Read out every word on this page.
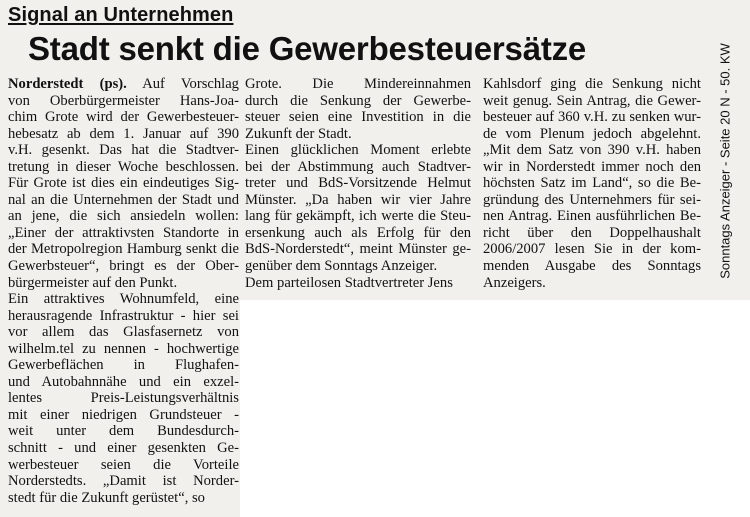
Signal an Unternehmen
Stadt senkt die Gewerbesteuersätze
Norderstedt (ps). Auf Vorschlag
von Oberbürgermeister Hans-Joa-
chim Grote wird der Gewerbesteuer-
hebesatz ab dem 1. Januar auf 390
v.H. gesenkt. Das hat die Stadtver-
tretung in dieser Woche beschlossen.
Für Grote ist dies ein eindeutiges Sig-
nal an die Unternehmen der Stadt und
an jene, die sich ansiedeln wollen:
„Einer der attraktivsten Standorte in
der Metropolregion Hamburg senkt die
Gewerbsteuer“, bringt es der Ober-
bürgermeister auf den Punkt.
Ein attraktives Wohnumfeld, eine
herausragende Infrastruktur - hier sei
vor allem das Glasfasernetz von
wilhelm.tel zu nennen - hochwertige
Gewerbeflächen in Flughafen-
und Autobahnnähe und ein exzel-
lentes Preis-Leistungsverhältnis
mit einer niedrigen Grundsteuer -
weit unter dem Bundesdurch-
schnitt - und einer gesenkten Ge-
werbesteuer seien die Vorteile
Norderstedts. „Damit ist Norder-
stedt für die Zukunft gerüstet“, so
Grote. Die Mindereinnahmen
durch die Senkung der Gewerbe-
steuer seien eine Investition in die
Zukunft der Stadt.
Einen glücklichen Moment erlebte
bei der Abstimmung auch Stadtver-
treter und BdS-Vorsitzende Helmut
Münster. „Da haben wir vier Jahre
lang für gekämpft, ich werte die Steu-
ersenkung auch als Erfolg für den
BdS-Norderstedt“, meint Münster ge-
genüber dem Sonntags Anzeiger.
Dem parteilosen Stadtvertreter Jens
Kahlsdorf ging die Senkung nicht
weit genug. Sein Antrag, die Gewer-
besteuer auf 360 v.H. zu senken wur-
de vom Plenum jedoch abgelehnt.
„Mit dem Satz von 390 v.H. haben
wir in Norderstedt immer noch den
höchsten Satz im Land“, so die Be-
gründung des Unternehmers für sei-
nen Antrag. Einen ausführlichen Be-
richt über den Doppelhaushalt
2006/2007 lesen Sie in der kom-
menden Ausgabe des Sonntags
Anzeigers.
Sonntags Anzeiger - Seite 20 N - 50. KW
